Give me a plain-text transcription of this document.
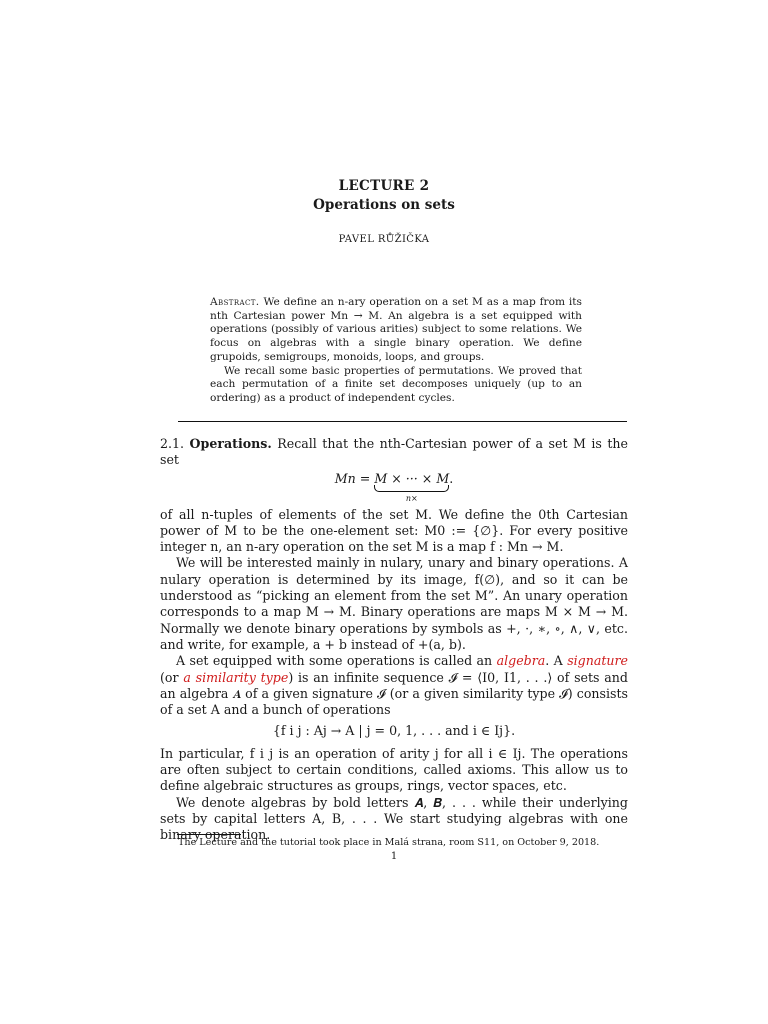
LECTURE 2
Operations on sets
PAVEL RŮŽIČKA

Abstract. We define an n-ary operation on a set M as a map from its nth Cartesian power Mn → M. An algebra is a set equipped with operations (possibly of various arities) subject to some relations. We focus on algebras with a single binary operation. We define grupoids, semigroups, monoids, loops, and groups.

We recall some basic properties of permutations. We proved that each permutation of a finite set decomposes uniquely (up to an ordering) as a product of independent cycles.

2.1. Operations. Recall that the nth-Cartesian power of a set M is the set

Mn = M × ··· × M
n×
.

of all n-tuples of elements of the set M. We define the 0th Cartesian power of M to be the one-element set: M0 := {∅}. For every positive integer n, an n-ary operation on the set M is a map f : Mn → M.

We will be interested mainly in nulary, unary and binary operations. A nulary operation is determined by its image, f(∅), and so it can be understood as “picking an element from the set M”. An unary operation corresponds to a map M → M. Binary operations are maps M × M → M. Normally we denote binary operations by symbols as +, ·, ∗, ∘, ∧, ∨, etc. and write, for example, a + b instead of +(a, b).

A set equipped with some operations is called an algebra. A signature (or a similarity type) is an infinite sequence 𝓘 = ⟨I0, I1, . . .⟩ of sets and an algebra 𝑨 of a given signature 𝓘 (or a given similarity type 𝓘) consists of a set A and a bunch of operations

{f i j : Aj → A | j = 0, 1, . . . and i ∈ Ij}.

In particular, f i j is an operation of arity j for all i ∈ Ij. The operations are often subject to certain conditions, called axioms. This allow us to define algebraic structures as groups, rings, vector spaces, etc.

We denote algebras by bold letters 𝑨, 𝑩, . . . while their underlying sets by capital letters A, B, . . . We start studying algebras with one binary operation.

The Lecture and the tutorial took place in Malá strana, room S11, on October 9, 2018.
1
